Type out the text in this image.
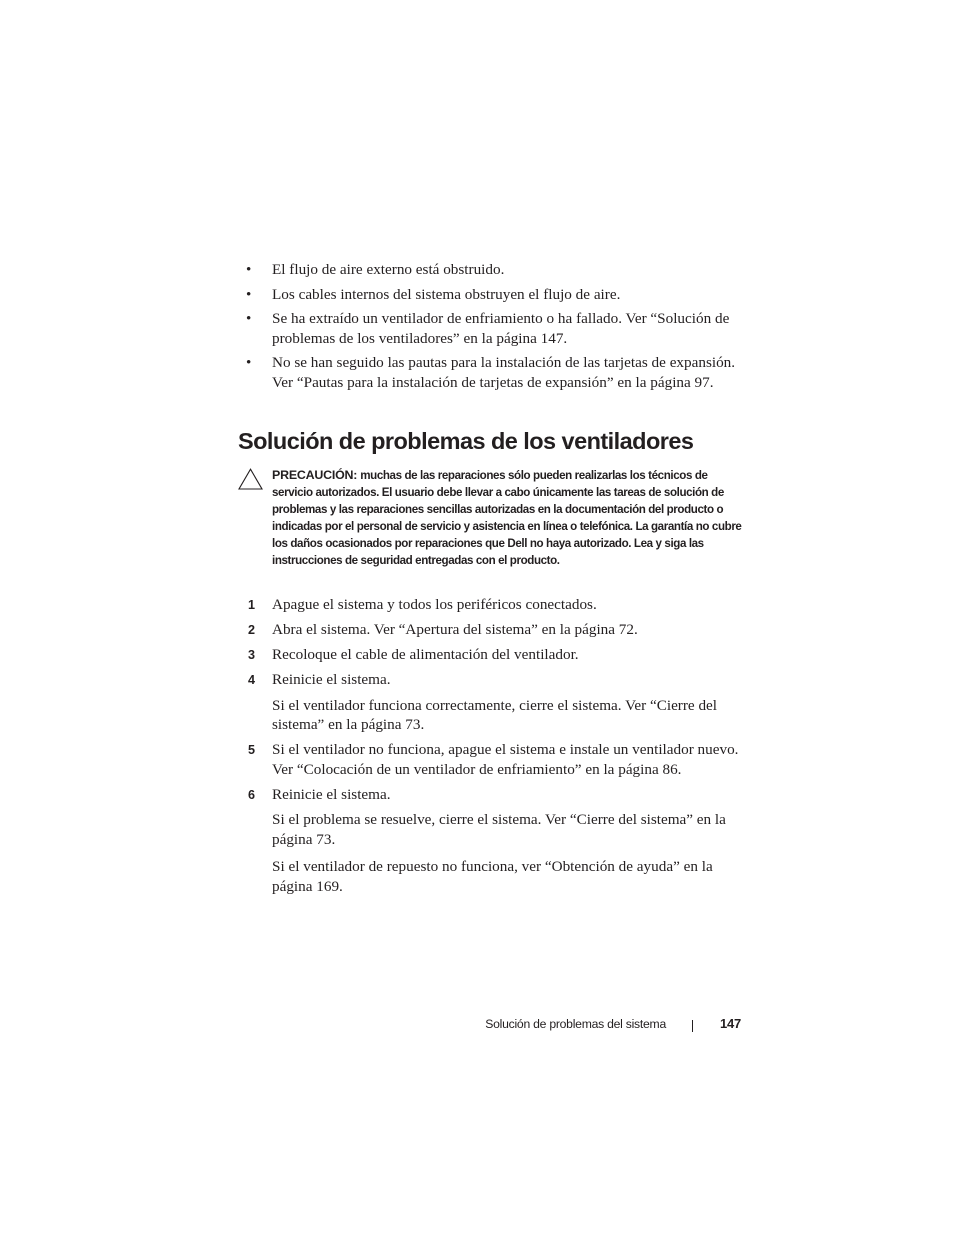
• El flujo de aire externo está obstruido.
• Los cables internos del sistema obstruyen el flujo de aire.
• Se ha extraído un ventilador de enfriamiento o ha fallado. Ver “Solución de problemas de los ventiladores” en la página 147.
• No se han seguido las pautas para la instalación de las tarjetas de expansión. Ver “Pautas para la instalación de tarjetas de expansión” en la página 97.
Solución de problemas de los ventiladores
PRECAUCIÓN: muchas de las reparaciones sólo pueden realizarlas los técnicos de servicio autorizados. El usuario debe llevar a cabo únicamente las tareas de solución de problemas y las reparaciones sencillas autorizadas en la documentación del producto o indicadas por el personal de servicio y asistencia en línea o telefónica. La garantía no cubre los daños ocasionados por reparaciones que Dell no haya autorizado. Lea y siga las instrucciones de seguridad entregadas con el producto.
1 Apague el sistema y todos los periféricos conectados.
2 Abra el sistema. Ver “Apertura del sistema” en la página 72.
3 Recoloque el cable de alimentación del ventilador.
4 Reinicie el sistema.

Si el ventilador funciona correctamente, cierre el sistema. Ver “Cierre del sistema” en la página 73.

5 Si el ventilador no funciona, apague el sistema e instale un ventilador nuevo. Ver “Colocación de un ventilador de enfriamiento” en la página 86.
6 Reinicie el sistema.

Si el problema se resuelve, cierre el sistema. Ver “Cierre del sistema” en la página 73.

Si el ventilador de repuesto no funciona, ver “Obtención de ayuda” en la página 169.

Solución de problemas del sistema	147
